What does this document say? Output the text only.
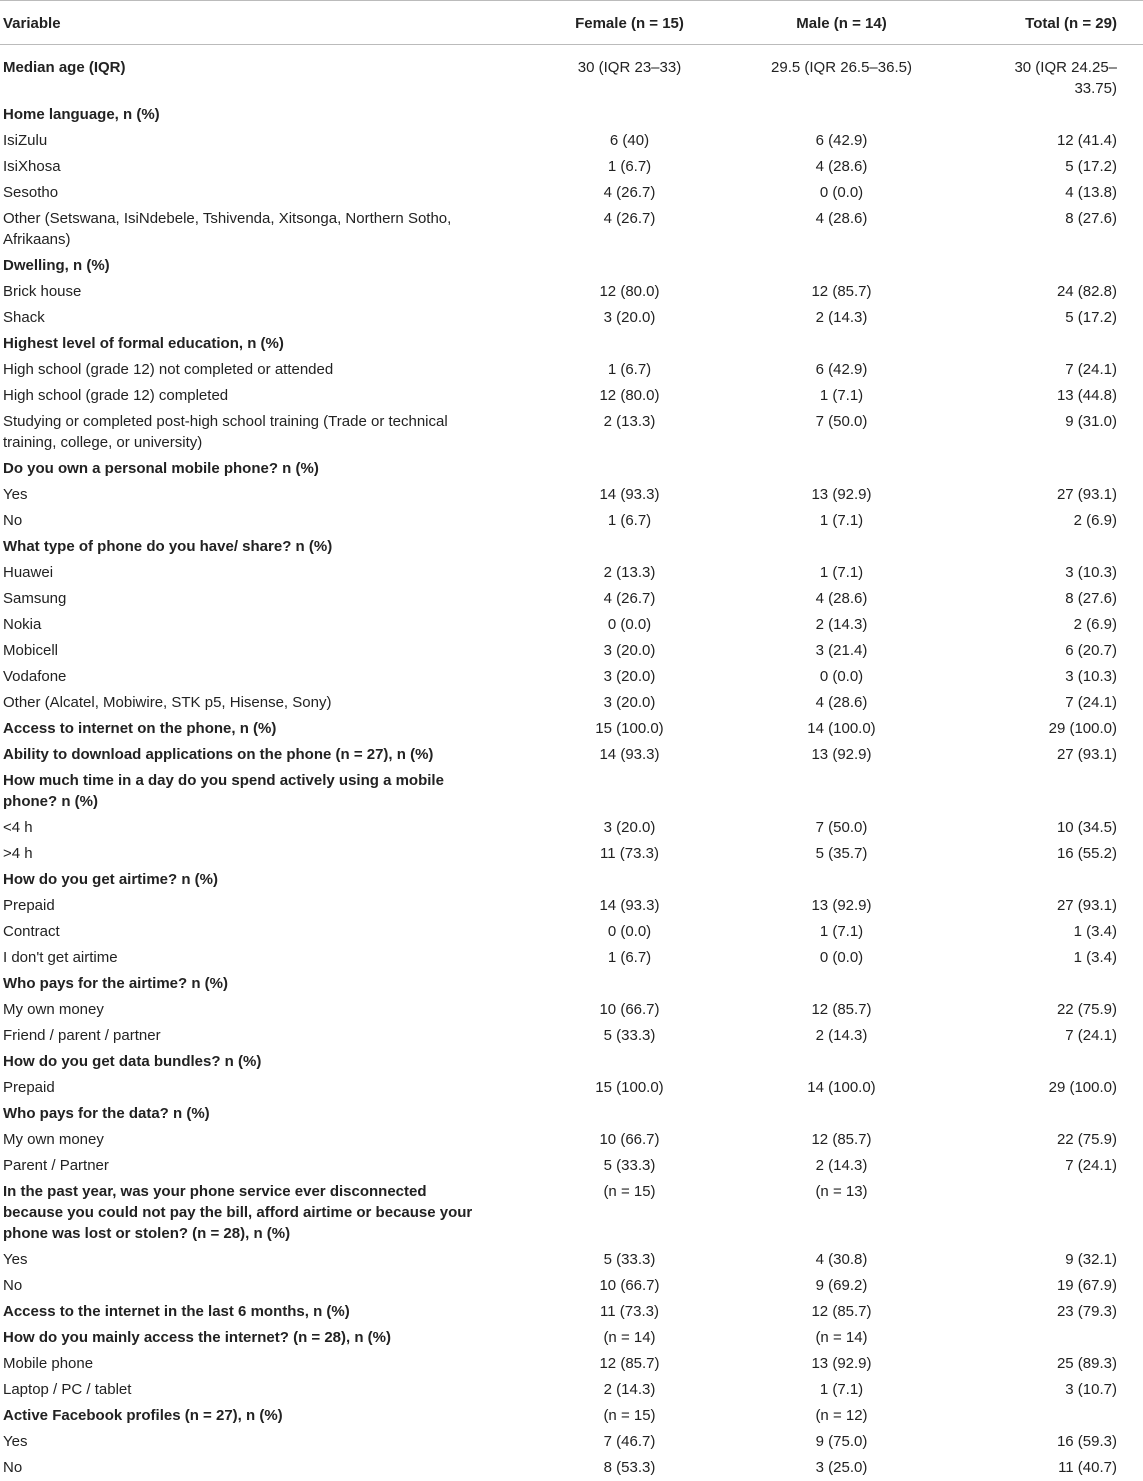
Variable	Female (n = 15)	Male (n = 14)	Total (n = 29)
Median age (IQR)	30 (IQR 23–33)	29.5 (IQR 26.5–36.5)	30 (IQR 24.25–33.75)
Home language, n (%)			
IsiZulu	6 (40)	6 (42.9)	12 (41.4)
IsiXhosa	1 (6.7)	4 (28.6)	5 (17.2)
Sesotho	4 (26.7)	0 (0.0)	4 (13.8)
Other (Setswana, IsiNdebele, Tshivenda, Xitsonga, Northern Sotho, Afrikaans)	4 (26.7)	4 (28.6)	8 (27.6)
Dwelling, n (%)			
Brick house	12 (80.0)	12 (85.7)	24 (82.8)
Shack	3 (20.0)	2 (14.3)	5 (17.2)
Highest level of formal education, n (%)			
High school (grade 12) not completed or attended	1 (6.7)	6 (42.9)	7 (24.1)
High school (grade 12) completed	12 (80.0)	1 (7.1)	13 (44.8)
Studying or completed post-high school training (Trade or technical training, college, or university)	2 (13.3)	7 (50.0)	9 (31.0)
Do you own a personal mobile phone? n (%)			
Yes	14 (93.3)	13 (92.9)	27 (93.1)
No	1 (6.7)	1 (7.1)	2 (6.9)
What type of phone do you have/ share? n (%)			
Huawei	2 (13.3)	1 (7.1)	3 (10.3)
Samsung	4 (26.7)	4 (28.6)	8 (27.6)
Nokia	0 (0.0)	2 (14.3)	2 (6.9)
Mobicell	3 (20.0)	3 (21.4)	6 (20.7)
Vodafone	3 (20.0)	0 (0.0)	3 (10.3)
Other (Alcatel, Mobiwire, STK p5, Hisense, Sony)	3 (20.0)	4 (28.6)	7 (24.1)
Access to internet on the phone, n (%)	15 (100.0)	14 (100.0)	29 (100.0)
Ability to download applications on the phone (n = 27), n (%)	14 (93.3)	13 (92.9)	27 (93.1)
How much time in a day do you spend actively using a mobile phone? n (%)			
<4 h	3 (20.0)	7 (50.0)	10 (34.5)
>4 h	11 (73.3)	5 (35.7)	16 (55.2)
How do you get airtime? n (%)			
Prepaid	14 (93.3)	13 (92.9)	27 (93.1)
Contract	0 (0.0)	1 (7.1)	1 (3.4)
I don't get airtime	1 (6.7)	0 (0.0)	1 (3.4)
Who pays for the airtime? n (%)			
My own money	10 (66.7)	12 (85.7)	22 (75.9)
Friend / parent / partner	5 (33.3)	2 (14.3)	7 (24.1)
How do you get data bundles? n (%)			
Prepaid	15 (100.0)	14 (100.0)	29 (100.0)
Who pays for the data? n (%)			
My own money	10 (66.7)	12 (85.7)	22 (75.9)
Parent / Partner	5 (33.3)	2 (14.3)	7 (24.1)
In the past year, was your phone service ever disconnected because you could not pay the bill, afford airtime or because your phone was lost or stolen? (n = 28), n (%)	(n = 15)	(n = 13)	
Yes	5 (33.3)	4 (30.8)	9 (32.1)
No	10 (66.7)	9 (69.2)	19 (67.9)
Access to the internet in the last 6 months, n (%)	11 (73.3)	12 (85.7)	23 (79.3)
How do you mainly access the internet? (n = 28), n (%)	(n = 14)	(n = 14)	
Mobile phone	12 (85.7)	13 (92.9)	25 (89.3)
Laptop / PC / tablet	2 (14.3)	1 (7.1)	3 (10.7)
Active Facebook profiles (n = 27), n (%)	(n = 15)	(n = 12)	
Yes	7 (46.7)	9 (75.0)	16 (59.3)
No	8 (53.3)	3 (25.0)	11 (40.7)
